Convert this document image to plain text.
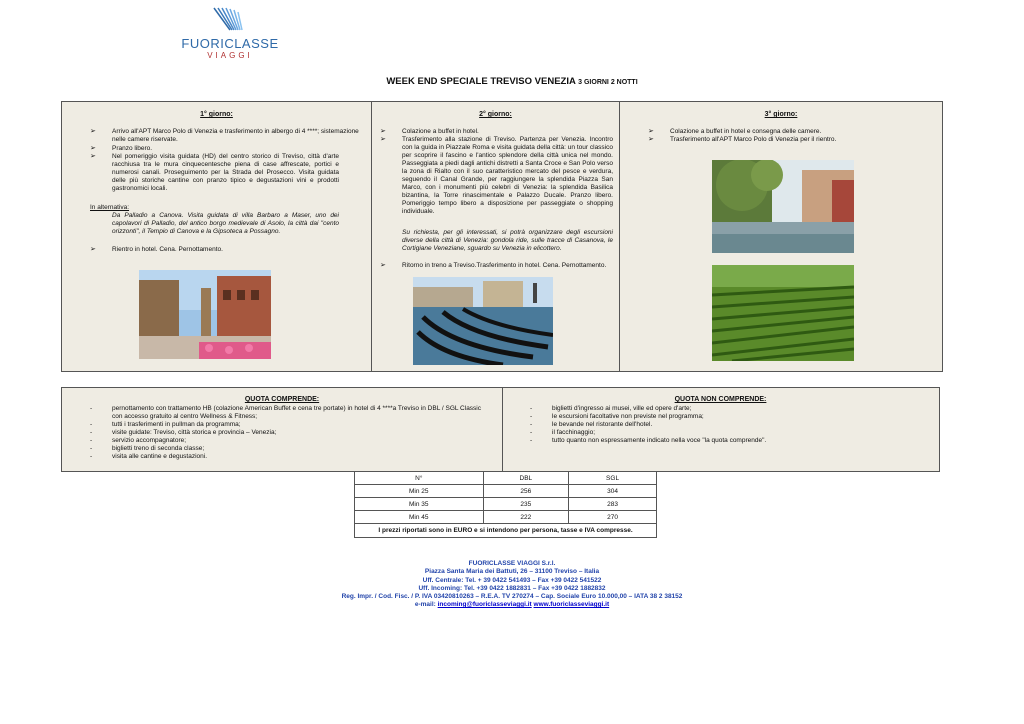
FUORICLASSE
VIAGGI
WEEK END SPECIALE TREVISO VENEZIA 3 GIORNI 2 NOTTI
1° giorno:
➢ Arrivo all'APT Marco Polo di Venezia e trasferimento in albergo di 4 ****; sistemazione nelle camere riservate.
➢ Pranzo libero.
➢ Nel pomeriggio visita guidata (HD) del centro storico di Treviso, città d'arte racchiusa tra le mura cinquecentesche piena di case affrescate, portici e numerosi canali. Proseguimento per la Strada del Prosecco. Visita guidata delle più storiche cantine con pranzo tipico e degustazioni vini e prodotti gastronomici locali.
In alternativa:
Da Palladio a Canova. Visita guidata di villa Barbaro a Maser, uno dei capolavori di Palladio, del antico borgo medievale di Asolo, la città dai "cento orizzonti", il Tempio di Canova e la Gipsoteca a Possagno.
➢ Rientro in hotel. Cena. Pernottamento.
2° giorno:
➢ Colazione a buffet in hotel.
➢ Trasferimento alla stazione di Treviso. Partenza per Venezia. Incontro con la guida in Piazzale Roma e visita guidata della città: un tour classico per scoprire il fascino e l'antico splendore della città unica nel mondo. Passeggiata a piedi dagli antichi distretti a Santa Croce e San Polo verso la zona di Rialto con il suo caratteristico mercato del pesce e verdura, seguendo il Canal Grande, per raggiungere la splendida Piazza San Marco, con i monumenti più celebri di Venezia: la splendida Basilica bizantina, la Torre rinascimentale e Palazzo Ducale. Pranzo libero. Pomeriggio tempo libero a disposizione per passeggiate o shopping individuale.
Su richiesta, per gli interessati, si potrà organizzare degli escursioni diverse della città di Venezia: gondola ride, sulle tracce di Casanova, le Cortigiane Veneziane, sguardo su Venezia in elicottero.
➢ Ritorno in treno a Treviso.Trasferimento in hotel. Cena. Pernottamento.
3° giorno:
➢ Colazione a buffet in hotel e consegna delle camere.
➢ Trasferimento all'APT Marco Polo di Venezia per il rientro.
QUOTA COMPRENDE:
-	pernottamento con trattamento HB (colazione American Buffet e cena tre portate) in hotel di 4 ****a Treviso in DBL / SGL Classic con accesso gratuito al centro Wellness & Fitness;
-	tutti i trasferimenti in pullman da programma;
-	visite guidate: Treviso, città storica e provincia – Venezia;
-	servizio accompagnatore;
-	biglietti treno di seconda classe;
-	visita alle cantine e degustazioni.
QUOTA NON COMPRENDE:
-	biglietti d'ingresso ai musei, ville ed opere d'arte;
-	le escursioni facoltative non previste nel programma;
-	le bevande nel ristorante dell'hotel.
-	il facchinaggio;
-	tutto quanto non espressamente indicato nella voce "la quota comprende".
N°	DBL	SGL
Min 25	256	304
Min 35	235	283
Min 45	222	270
I prezzi riportati sono in EURO e si intendono per persona, tasse e IVA compresse.		
FUORICLASSE VIAGGI S.r.l.
Piazza Santa Maria dei Battuti, 26 – 31100 Treviso – Italia
Uff. Centrale: Tel. + 39 0422 541493 – Fax +39 0422 541522
Uff. Incoming: Tel. +39 0422 1882831 – Fax +39 0422 1882832
Reg. Impr. / Cod. Fisc. / P. IVA 03420810263 – R.E.A. TV 270274 – Cap. Sociale Euro 10.000,00 – IATA 38 2 38152
e-mail: incoming@fuoriclasseviaggi.it www.fuoriclasseviaggi.it
